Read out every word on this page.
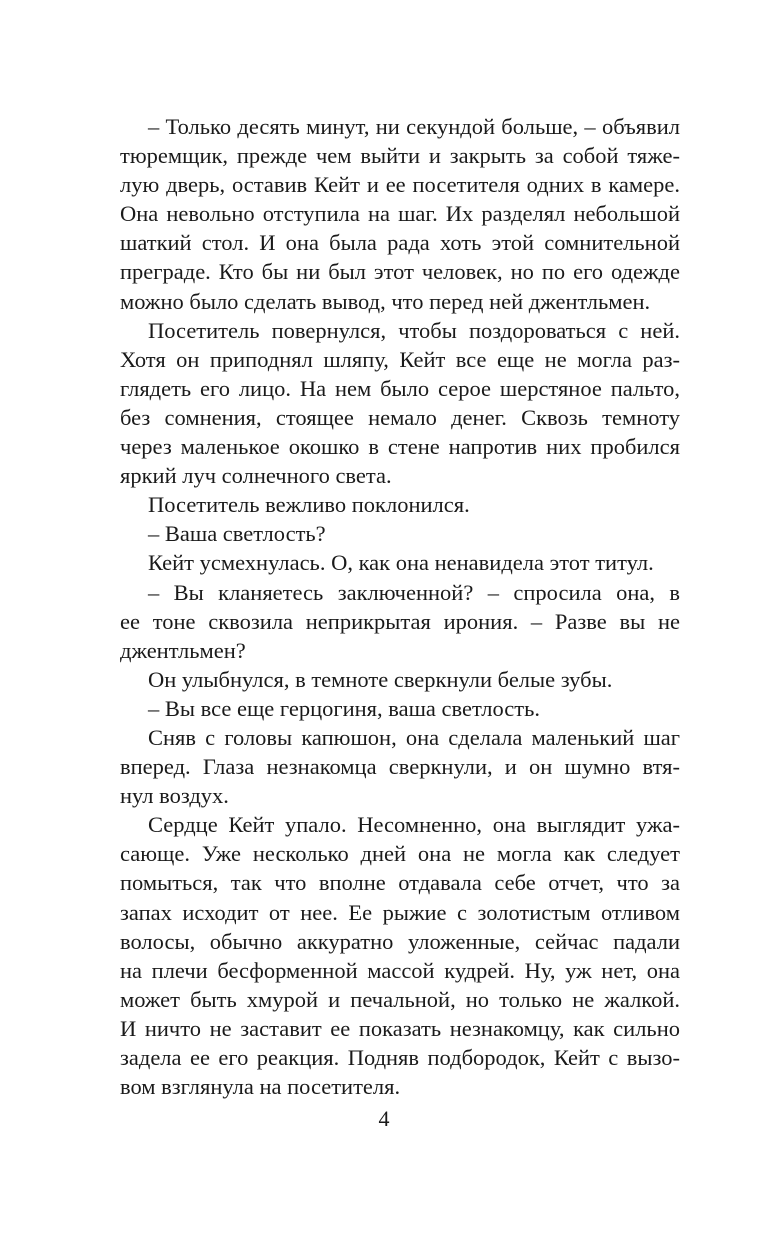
– Только десять минут, ни секундой больше, – объявил
тюремщик, прежде чем выйти и закрыть за собой тяже-
лую дверь, оставив Кейт и ее посетителя одних в камере.
Она невольно отступила на шаг. Их разделял небольшой
шаткий стол. И она была рада хоть этой сомнительной
преграде. Кто бы ни был этот человек, но по его одежде
можно было сделать вывод, что перед ней джентльмен.
Посетитель повернулся, чтобы поздороваться с ней.
Хотя он приподнял шляпу, Кейт все еще не могла раз-
глядеть его лицо. На нем было серое шерстяное пальто,
без сомнения, стоящее немало денег. Сквозь темноту
через маленькое окошко в стене напротив них пробился
яркий луч солнечного света.
Посетитель вежливо поклонился.
– Ваша светлость?
Кейт усмехнулась. О, как она ненавидела этот титул.
– Вы кланяетесь заключенной? – спросила она, в
ее тоне сквозила неприкрытая ирония. – Разве вы не
джентльмен?
Он улыбнулся, в темноте сверкнули белые зубы.
– Вы все еще герцогиня, ваша светлость.
Сняв с головы капюшон, она сделала маленький шаг
вперед. Глаза незнакомца сверкнули, и он шумно втя-
нул воздух.
Сердце Кейт упало. Несомненно, она выглядит ужа-
сающе. Уже несколько дней она не могла как следует
помыться, так что вполне отдавала себе отчет, что за
запах исходит от нее. Ее рыжие с золотистым отливом
волосы, обычно аккуратно уложенные, сейчас падали
на плечи бесформенной массой кудрей. Ну, уж нет, она
может быть хмурой и печальной, но только не жалкой.
И ничто не заставит ее показать незнакомцу, как сильно
задела ее его реакция. Подняв подбородок, Кейт с вызо-
вом взглянула на посетителя.
4
